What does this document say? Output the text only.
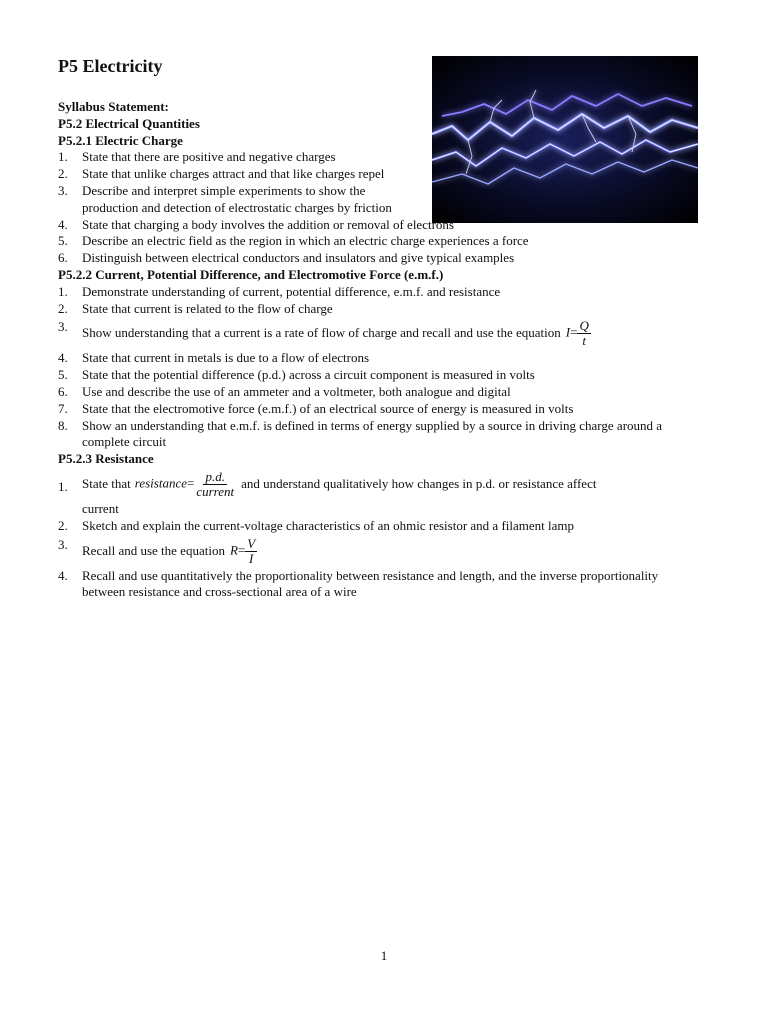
P5 Electricity
Syllabus Statement:
P5.2 Electrical Quantities
P5.2.1 Electric Charge
1. State that there are positive and negative charges
2. State that unlike charges attract and that like charges repel
3. Describe and interpret simple experiments to show the production and detection of electrostatic charges by friction
4. State that charging a body involves the addition or removal of electrons
5. Describe an electric field as the region in which an electric charge experiences a force
6. Distinguish between electrical conductors and insulators and give typical examples
P5.2.2 Current, Potential Difference, and Electromotive Force (e.m.f.)
1. Demonstrate understanding of current, potential difference, e.m.f. and resistance
2. State that current is related to the flow of charge
3. Show understanding that a current is a rate of flow of charge and recall and use the equation $I= \frac{Q}{t}$
4. State that current in metals is due to a flow of electrons
5. State that the potential difference (p.d.) across a circuit component is measured in volts
6. Use and describe the use of an ammeter and a voltmeter, both analogue and digital
7. State that the electromotive force (e.m.f.) of an electrical source of energy is measured in volts
8. Show an understanding that e.m.f. is defined in terms of energy supplied by a source in driving charge around a complete circuit
P5.2.3 Resistance
1. State that resistance= $\frac{p.d.}{\text{current}}$ and understand qualitatively how changes in p.d. or resistance affect
current
2. Sketch and explain the current-voltage characteristics of an ohmic resistor and a filament lamp
3. Recall and use the equation $R= \frac{V}{I}$
4. Recall and use quantitatively the proportionality between resistance and length, and the inverse proportionality between resistance and cross-sectional area of a wire
1
